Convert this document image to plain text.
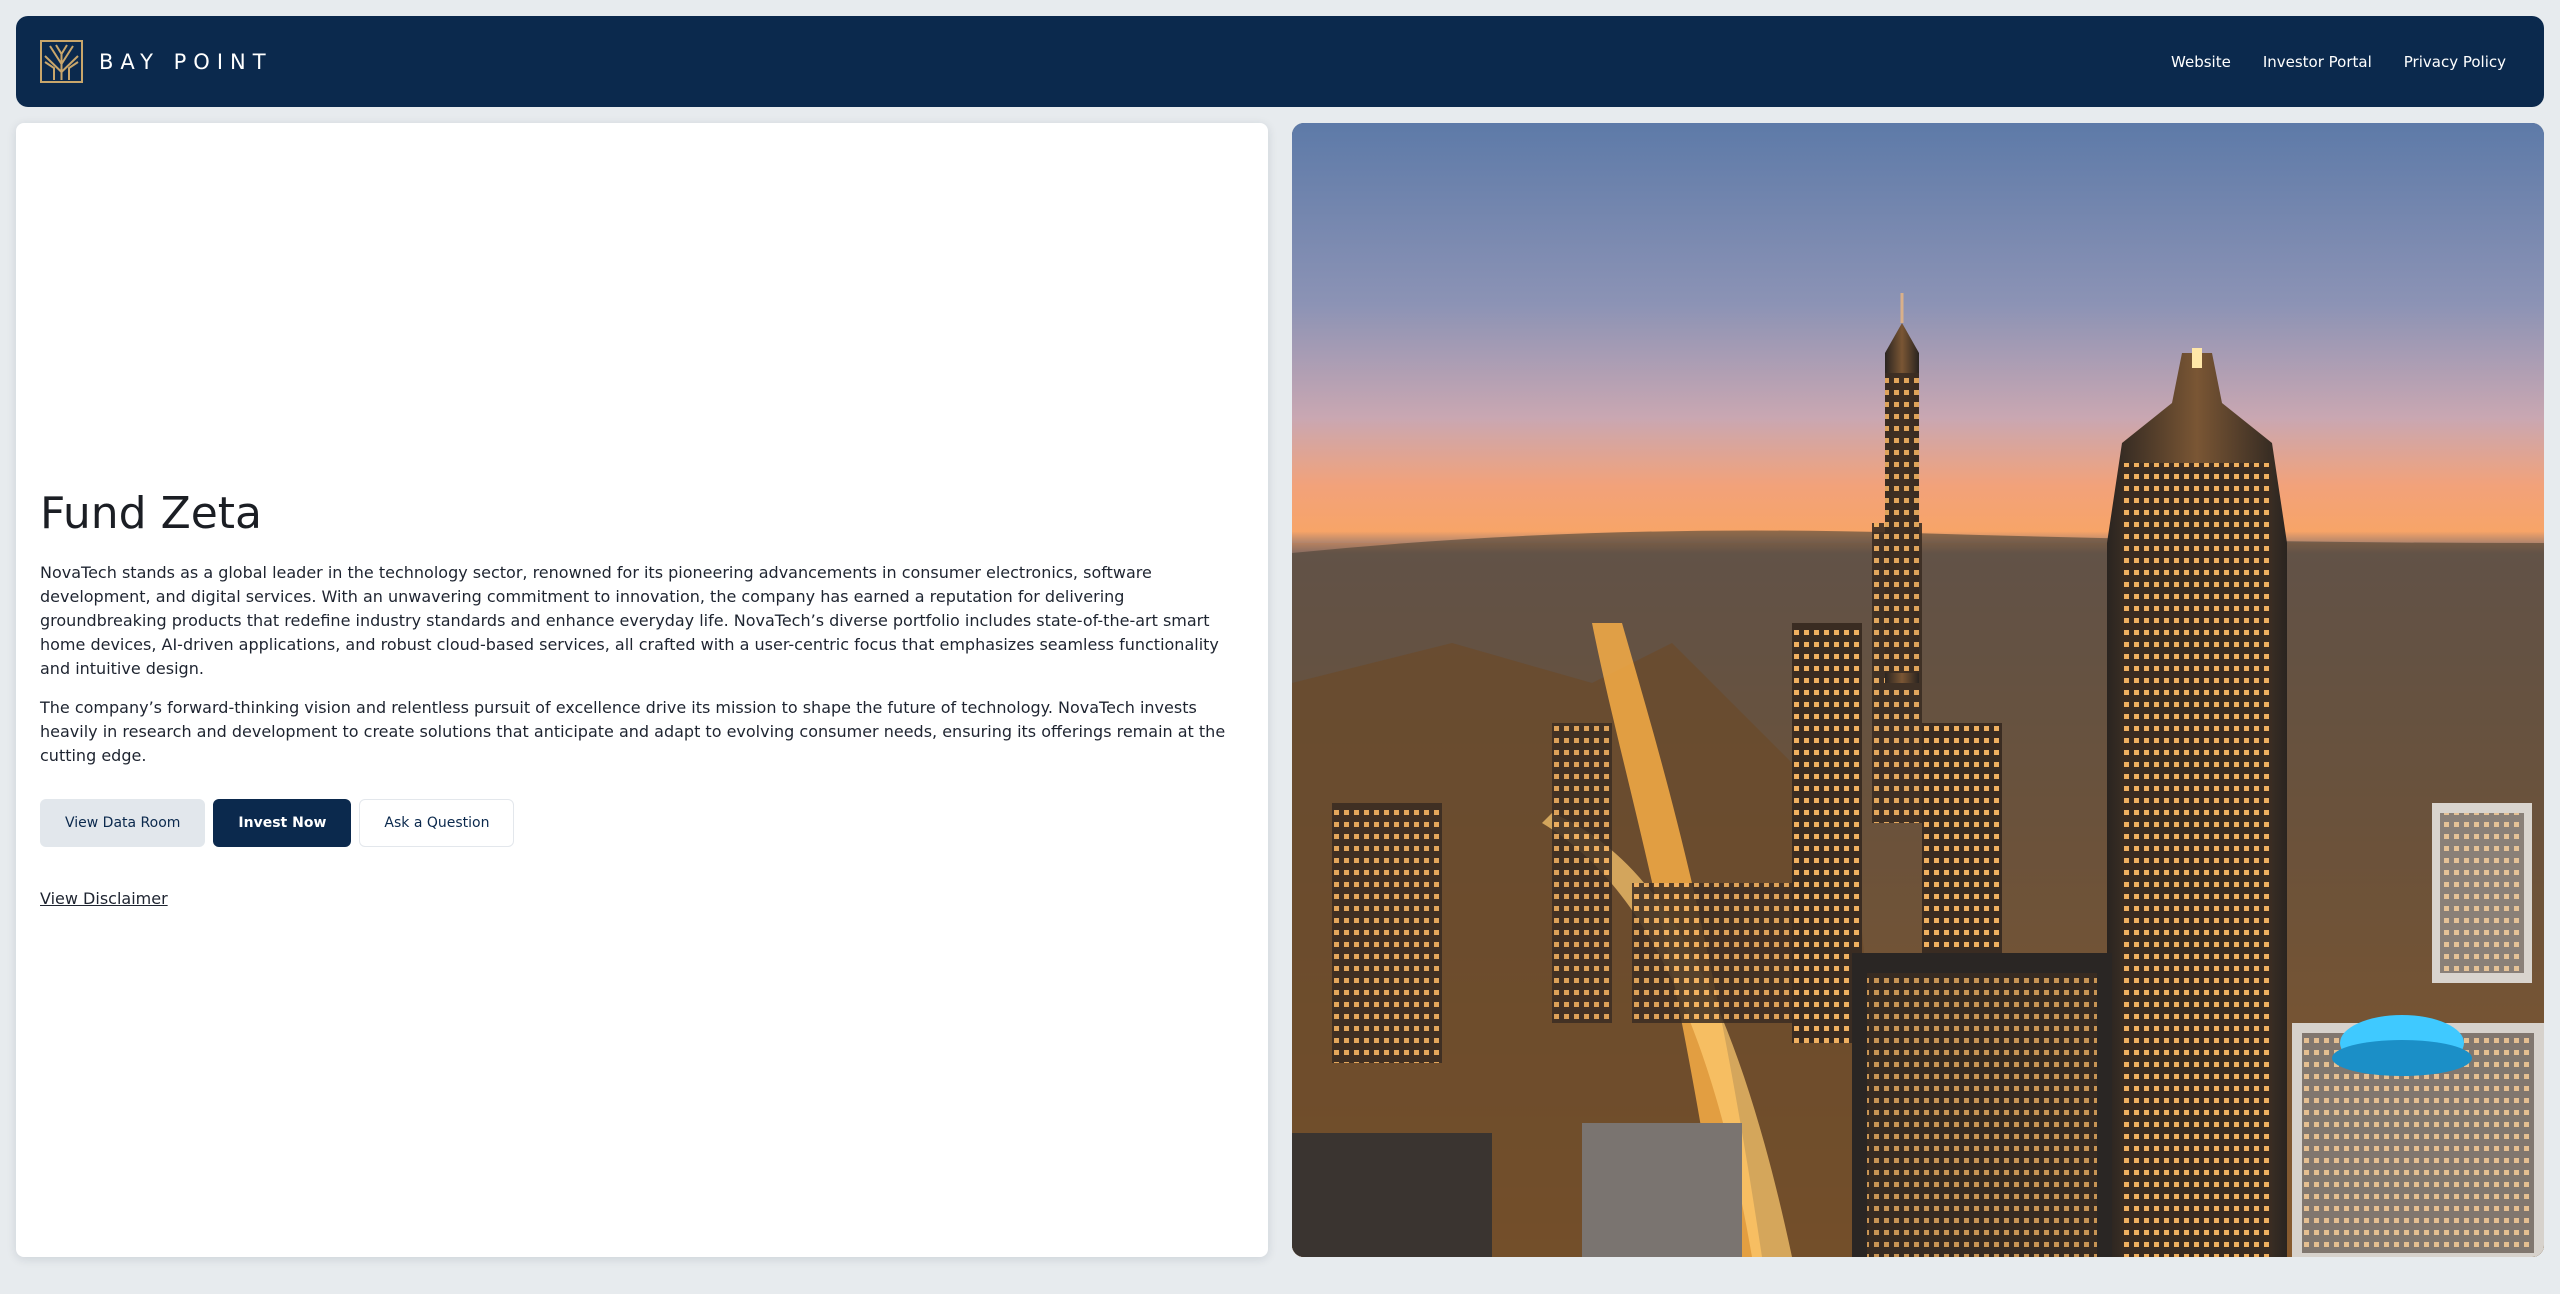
BAY POINT	Website Investor Portal Privacy Policy
Fund Zeta

NovaTech stands as a global leader in the technology sector, renowned for its pioneering advancements in consumer electronics, software development, and digital services. With an unwavering commitment to innovation, the company has earned a reputation for delivering groundbreaking products that redefine industry standards and enhance everyday life. NovaTech’s diverse portfolio includes state-of-the-art smart home devices, AI-driven applications, and robust cloud-based services, all crafted with a user-centric focus that emphasizes seamless functionality and intuitive design.

The company’s forward-thinking vision and relentless pursuit of excellence drive its mission to shape the future of technology. NovaTech invests heavily in research and development to create solutions that anticipate and adapt to evolving consumer needs, ensuring its offerings remain at the cutting edge.

View Data Room	Invest Now	Ask a Question
View Disclaimer
